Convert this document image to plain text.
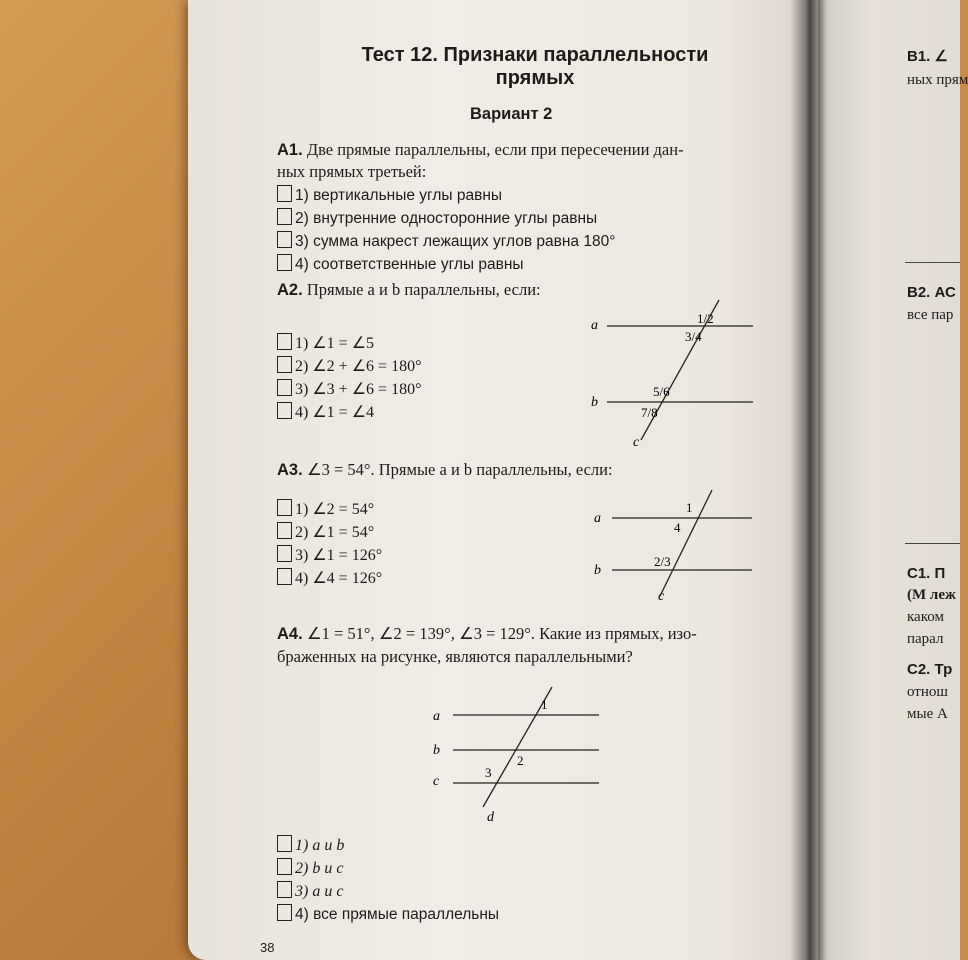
Тест 12. Признаки параллельности
прямых
Вариант 2
А1. Две прямые параллельны, если при пересечении дан-
ных прямых третьей:
1) вертикальные углы равны
2) внутренние односторонние углы равны
3) сумма накрест лежащих углов равна 180°
4) соответственные углы равны
А2. Прямые a и b параллельны, если:
1) ∠1 = ∠5
2) ∠2 + ∠6 = 180°
3) ∠3 + ∠6 = 180°
4) ∠1 = ∠4
a
b
c
1/2
3/4
5/6
7/8
А3. ∠3 = 54°. Прямые a и b параллельны, если:
1) ∠2 = 54°
2) ∠1 = 54°
3) ∠1 = 126°
4) ∠4 = 126°
a
b
c
1
4
2/3
А4. ∠1 = 51°, ∠2 = 139°, ∠3 = 129°. Какие из прямых, изо-
браженных на рисунке, являются параллельными?
a
b
c
d
1
2
3
1) a и b
2) b и c
3) a и c
4) все прямые параллельны
38
В1. ∠
ных прям
В2. АС
все пар
С1. П
(M леж
каком
парал
С2. Тр
отнош
мые A
